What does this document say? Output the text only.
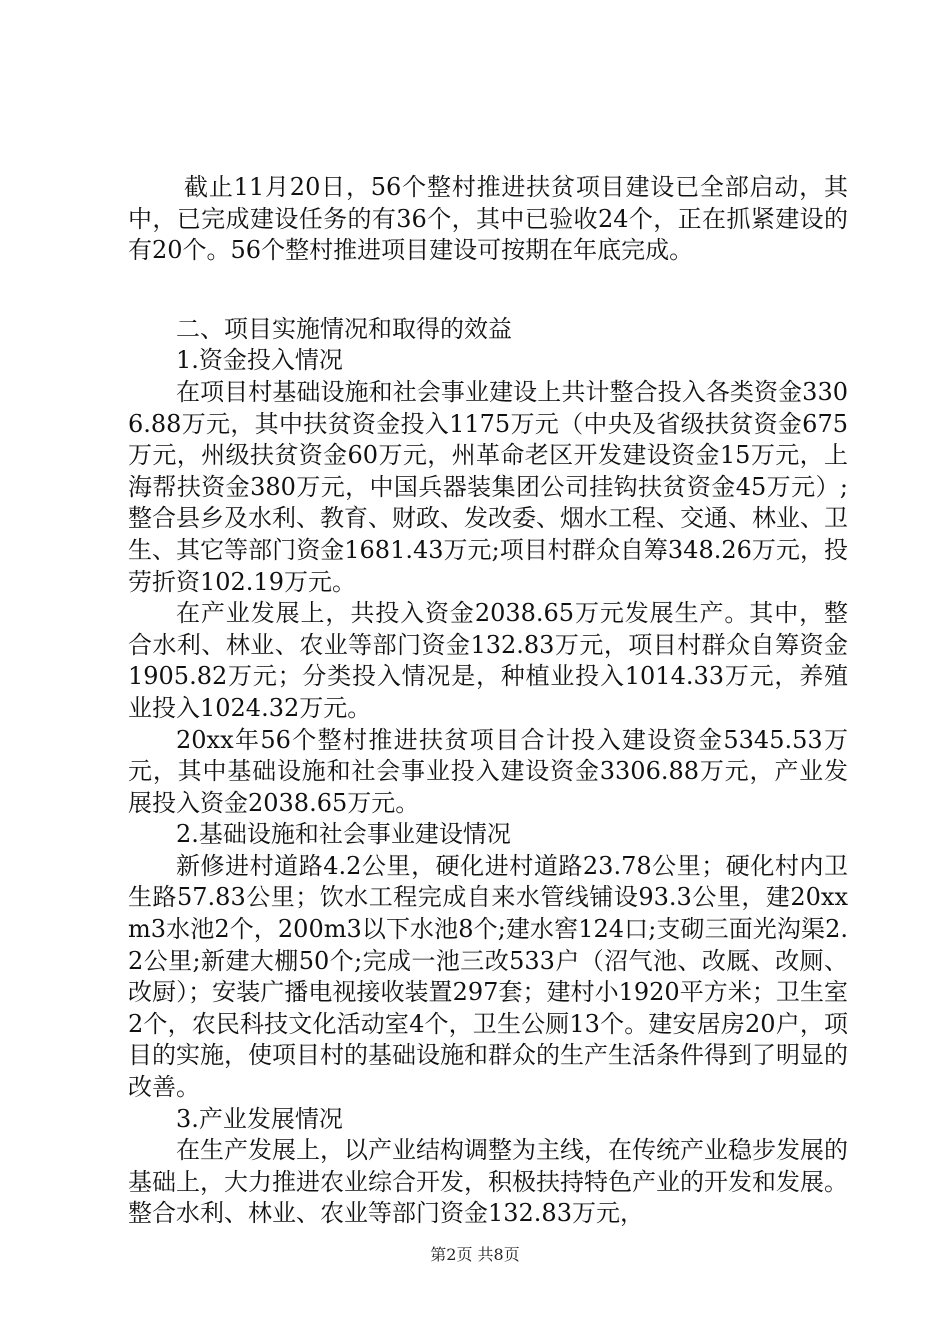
截止11月20日，56个整村推进扶贫项目建设已全部启动，其中，已完成建设任务的有36个，其中已验收24个，正在抓紧建设的有20个。56个整村推进项目建设可按期在年底完成。

二、项目实施情况和取得的效益

1.资金投入情况

在项目村基础设施和社会事业建设上共计整合投入各类资金3306.88万元，其中扶贫资金投入1175万元（中央及省级扶贫资金675万元，州级扶贫资金60万元，州革命老区开发建设资金15万元，上海帮扶资金380万元，中国兵器装集团公司挂钩扶贫资金45万元）;整合县乡及水利、教育、财政、发改委、烟水工程、交通、林业、卫生、其它等部门资金1681.43万元;项目村群众自筹348.26万元，投劳折资102.19万元。

在产业发展上，共投入资金2038.65万元发展生产。其中，整合水利、林业、农业等部门资金132.83万元，项目村群众自筹资金1905.82万元；分类投入情况是，种植业投入1014.33万元，养殖业投入1024.32万元。

20xx年56个整村推进扶贫项目合计投入建设资金5345.53万元，其中基础设施和社会事业投入建设资金3306.88万元，产业发展投入资金2038.65万元。

2.基础设施和社会事业建设情况

新修进村道路4.2公里，硬化进村道路23.78公里；硬化村内卫生路57.83公里；饮水工程完成自来水管线铺设93.3公里，建20xxm3水池2个，200m3以下水池8个;建水窖124口;支砌三面光沟渠2.2公里;新建大棚50个;完成一池三改533户（沼气池、改厩、改厕、改厨）；安装广播电视接收装置297套；建村小1920平方米；卫生室2个，农民科技文化活动室4个，卫生公厕13个。建安居房20户，项目的实施，使项目村的基础设施和群众的生产生活条件得到了明显的改善。

3.产业发展情况

在生产发展上，以产业结构调整为主线，在传统产业稳步发展的基础上，大力推进农业综合开发，积极扶持特色产业的开发和发展。整合水利、林业、农业等部门资金132.83万元，

第2页 共8页
